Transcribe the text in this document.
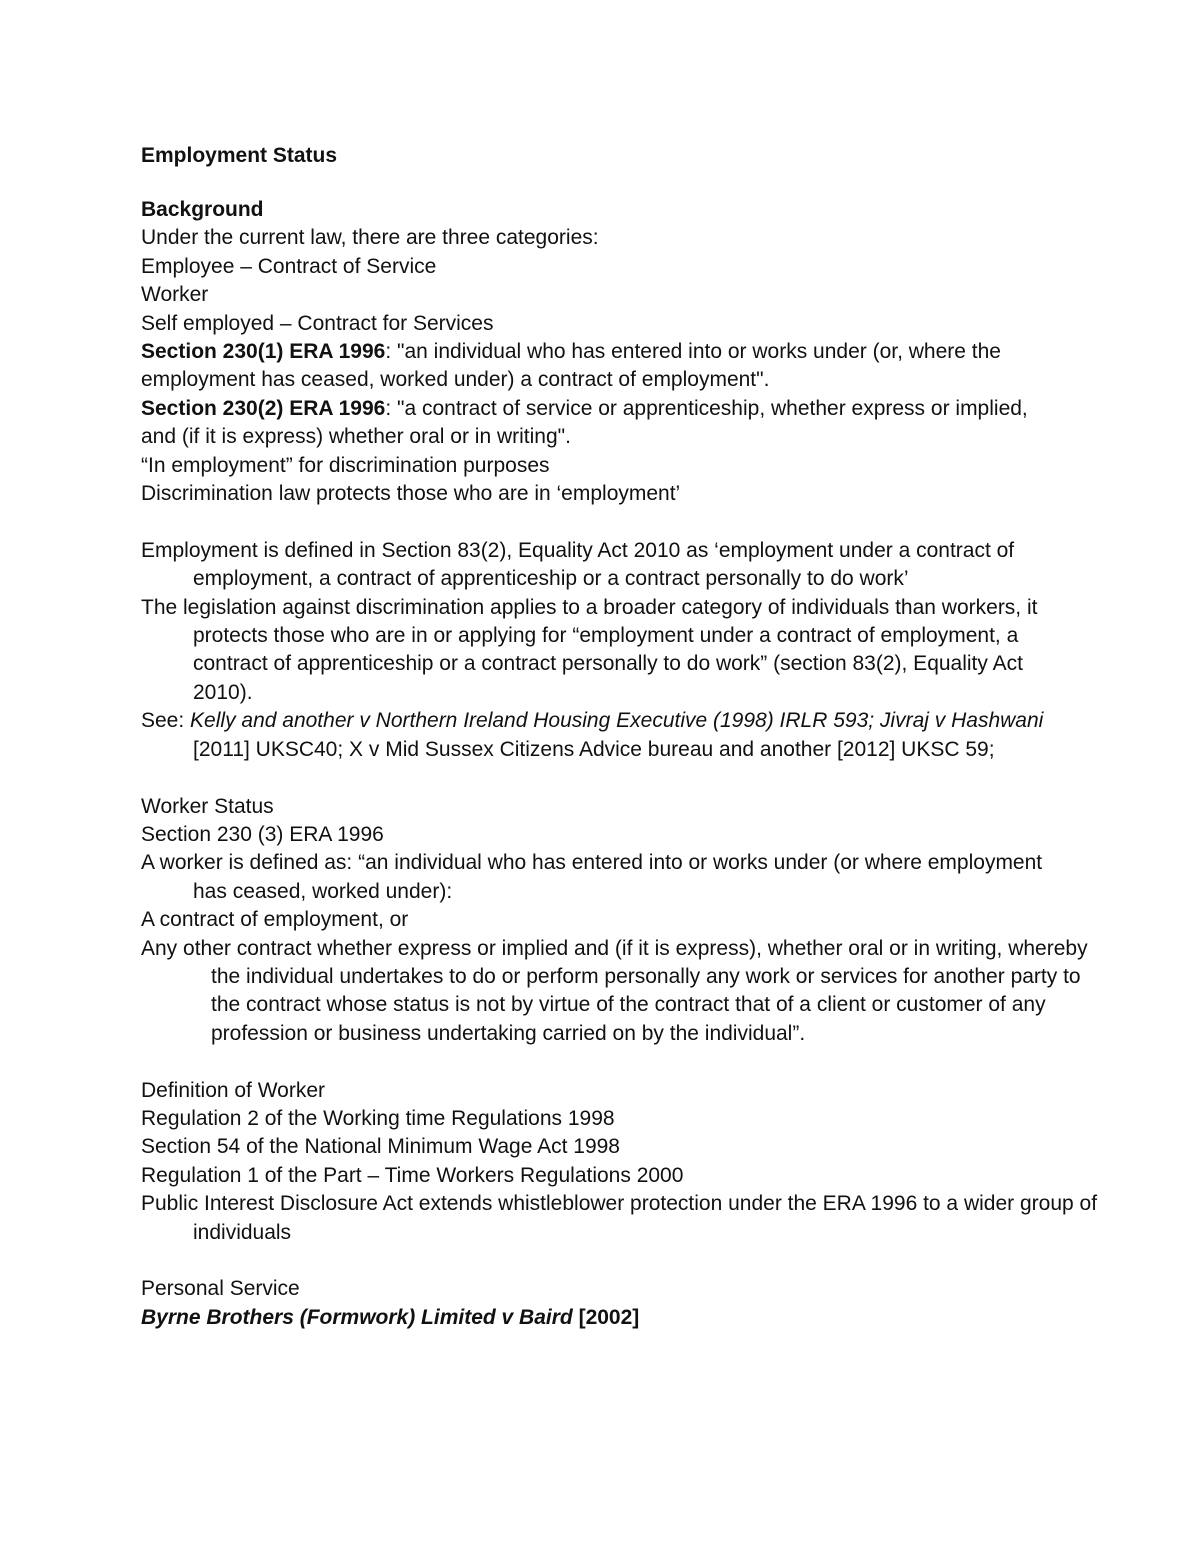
Employment Status
Background
Under the current law, there are three categories:
Employee – Contract of Service
Worker
Self employed – Contract for Services
Section 230(1) ERA 1996: "an individual who has entered into or works under (or, where the employment has ceased, worked under) a contract of employment".
Section 230(2) ERA 1996: "a contract of service or apprenticeship, whether express or implied, and (if it is express) whether oral or in writing".
“In employment” for discrimination purposes
Discrimination law protects those who are in ‘employment’
Employment is defined in Section 83(2), Equality Act 2010 as ‘employment under a contract of employment, a contract of apprenticeship or a contract personally to do work’
The legislation against discrimination applies to a broader category of individuals than workers, it protects those who are in or applying for “employment under a contract of employment, a contract of apprenticeship or a contract personally to do work” (section 83(2), Equality Act 2010).
See: Kelly and another v Northern Ireland Housing Executive (1998) IRLR 593; Jivraj v Hashwani [2011] UKSC40; X v Mid Sussex Citizens Advice bureau and another [2012] UKSC 59;
Worker Status
Section 230 (3) ERA 1996
A worker is defined as: “an individual who has entered into or works under (or where employment has ceased, worked under):
A contract of employment, or
Any other contract whether express or implied and (if it is express), whether oral or in writing, whereby the individual undertakes to do or perform personally any work or services for another party to the contract whose status is not by virtue of the contract that of a client or customer of any profession or business undertaking carried on by the individual”.
Definition of Worker
Regulation 2 of the Working time Regulations 1998
Section 54 of the National Minimum Wage Act 1998
Regulation 1 of the Part – Time Workers Regulations 2000
Public Interest Disclosure Act extends whistleblower protection under the ERA 1996 to a wider group of individuals
Personal Service
Byrne Brothers (Formwork) Limited v Baird [2002]
